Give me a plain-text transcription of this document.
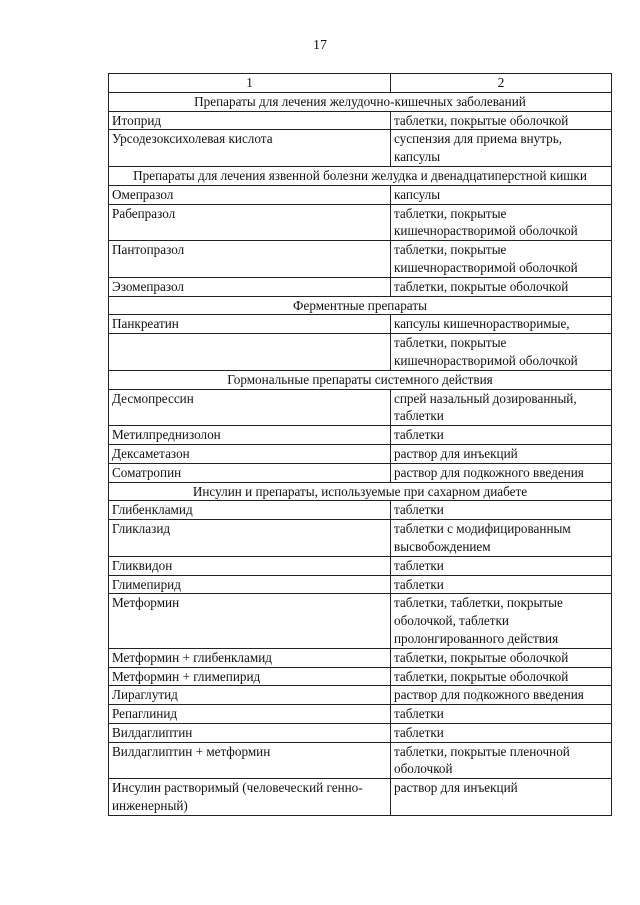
17
1	2
Препараты для лечения желудочно-кишечных заболеваний	
Итоприд	таблетки, покрытые оболочкой
Урсодезоксихолевая кислота	суспензия для приема внутрь, капсулы
Препараты для лечения язвенной болезни желудка и двенадцатиперстной кишки	
Омепразол	капсулы
Рабепразол	таблетки, покрытые кишечнорастворимой оболочкой
Пантопразол	таблетки, покрытые кишечнорастворимой оболочкой
Эзомепразол	таблетки, покрытые оболочкой
Ферментные препараты	
Панкреатин	капсулы кишечнорастворимые,
	таблетки, покрытые кишечнорастворимой оболочкой
Гормональные препараты системного действия	
Десмопрессин	спрей назальный дозированный, таблетки
Метилпреднизолон	таблетки
Дексаметазон	раствор для инъекций
Соматропин	раствор для подкожного введения
Инсулин и препараты, используемые при сахарном диабете	
Глибенкламид	таблетки
Гликлазид	таблетки с модифицированным высвобождением
Гликвидон	таблетки
Глимепирид	таблетки
Метформин	таблетки, таблетки, покрытые оболочкой, таблетки пролонгированного действия
Метформин + глибенкламид	таблетки, покрытые оболочкой
Метформин + глимепирид	таблетки, покрытые оболочкой
Лираглутид	раствор для подкожного введения
Репаглинид	таблетки
Вилдаглиптин	таблетки
Вилдаглиптин + метформин	таблетки, покрытые пленочной оболочкой
Инсулин растворимый (человеческий генно-инженерный)	раствор для инъекций
